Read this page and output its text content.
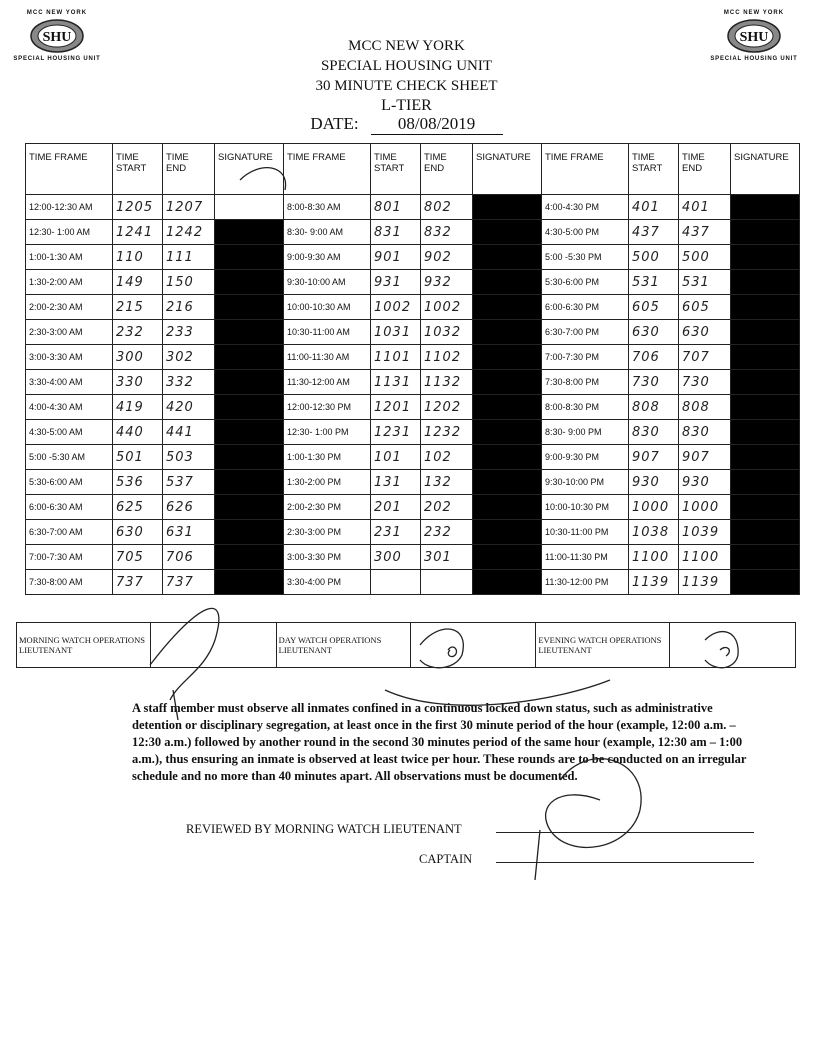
MCC NEW YORK
SHU
SPECIAL HOUSING UNIT
MCC NEW YORK
SHU
SPECIAL HOUSING UNIT
MCC NEW YORK
SPECIAL HOUSING UNIT
30 MINUTE CHECK SHEET
L-TIER
DATE: 08/08/2019
TIME FRAME	TIME START	TIME END	SIGNATURE	TIME FRAME	TIME START	TIME END	SIGNATURE	TIME FRAME	TIME START	TIME END	SIGNATURE
12:00-12:30 AM	1205	1207		8:00-8:30 AM	801	802		4:00-4:30 PM	401	401	
12:30- 1:00 AM	1241	1242		8:30- 9:00 AM	831	832		4:30-5:00 PM	437	437	
1:00-1:30 AM	110	111		9:00-9:30 AM	901	902		5:00 -5:30 PM	500	500	
1:30-2:00 AM	149	150		9:30-10:00 AM	931	932		5:30-6:00 PM	531	531	
2:00-2:30 AM	215	216		10:00-10:30 AM	1002	1002		6:00-6:30 PM	605	605	
2:30-3:00 AM	232	233		10:30-11:00 AM	1031	1032		6:30-7:00 PM	630	630	
3:00-3:30 AM	300	302		11:00-11:30 AM	1101	1102		7:00-7:30 PM	706	707	
3:30-4:00 AM	330	332		11:30-12:00 AM	1131	1132		7:30-8:00 PM	730	730	
4:00-4:30 AM	419	420		12:00-12:30 PM	1201	1202		8:00-8:30 PM	808	808	
4:30-5:00 AM	440	441		12:30- 1:00 PM	1231	1232		8:30- 9:00 PM	830	830	
5:00 -5:30 AM	501	503		1:00-1:30 PM	101	102		9:00-9:30 PM	907	907	
5:30-6:00 AM	536	537		1:30-2:00 PM	131	132		9:30-10:00 PM	930	930	
6:00-6:30 AM	625	626		2:00-2:30 PM	201	202		10:00-10:30 PM	1000	1000	
6:30-7:00 AM	630	631		2:30-3:00 PM	231	232		10:30-11:00 PM	1038	1039	
7:00-7:30 AM	705	706		3:00-3:30 PM	300	301		11:00-11:30 PM	1100	1100	
7:30-8:00 AM	737	737		3:30-4:00 PM				11:30-12:00 PM	1139	1139	
MORNING WATCH OPERATIONS LIEUTENANT		DAY WATCH OPERATIONS LIEUTENANT		EVENING WATCH OPERATIONS LIEUTENANT	
A staff member must observe all inmates confined in a continuous locked down status, such as administrative detention or disciplinary segregation, at least once in the first 30 minute period of the hour (example, 12:00 a.m. – 12:30 a.m.) followed by another round in the second 30 minutes period of the same hour (example, 12:30 am – 1:00 a.m.), thus ensuring an inmate is observed at least twice per hour. These rounds are to be conducted on an irregular schedule and no more than 40 minutes apart. All observations must be documented.
REVIEWED BY MORNING WATCH LIEUTENANT
CAPTAIN
